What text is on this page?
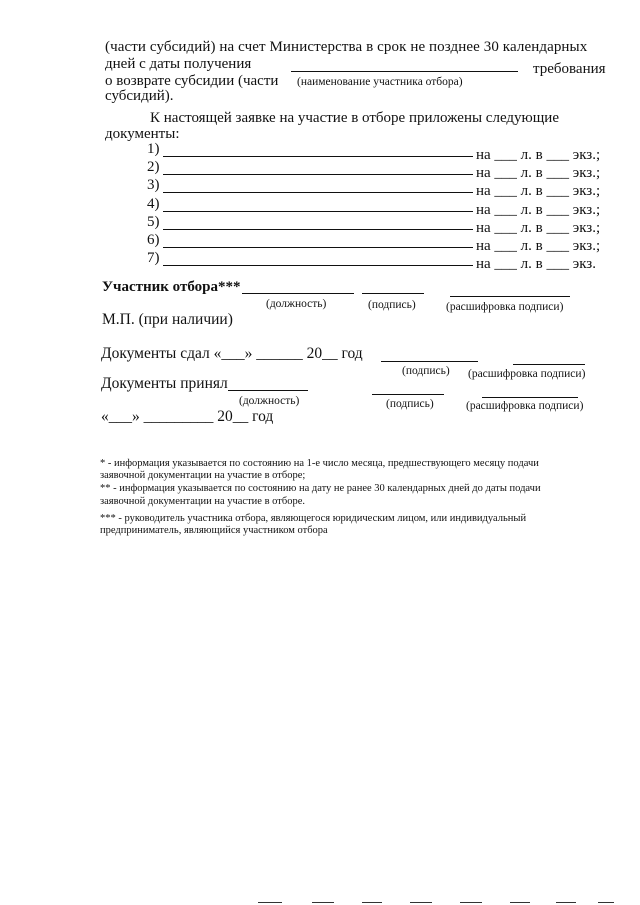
(части субсидий) на счет Министерства в срок не позднее 30 календарных
дней с даты получения	требования
о возврате субсидии (части (наименование участника отбора)
субсидий).
К настоящей заявке на участие в отборе приложены следующие
документы:
1)	на ___ л. в ___ экз.;
2)	на ___ л. в ___ экз.;
3)	на ___ л. в ___ экз.;
4)	на ___ л. в ___ экз.;
5)	на ___ л. в ___ экз.;
6)	на ___ л. в ___ экз.;
7)	на ___ л. в ___ экз.
Участник отбора***
(должность)	(подпись)	(расшифровка подписи)
М.П. (при наличии)
Документы сдал «___» ______ 20__ год
(подпись) (расшифровка подписи)
Документы принял
(должность)	(подпись)	(расшифровка подписи)
«___» _________ 20__ год
* - информация указывается по состоянию на 1-е число месяца, предшествующего месяцу подачи
заявочной документации на участие в отборе;
** - информация указывается по состоянию на дату не ранее 30 календарных дней до даты подачи
заявочной документации на участие в отборе.
*** - руководитель участника отбора, являющегося юридическим лицом, или индивидуальный
предприниматель, являющийся участником отбора
